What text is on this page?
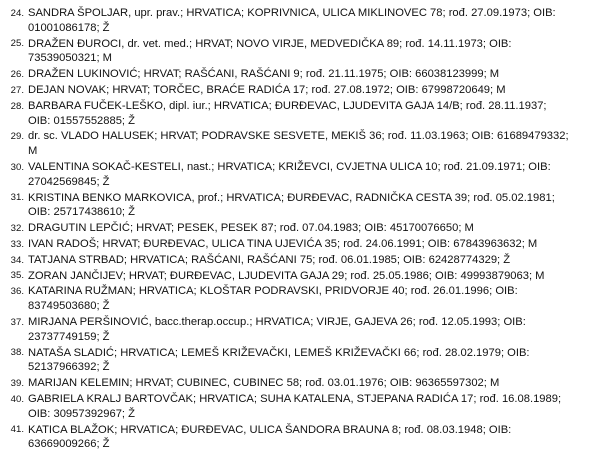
24. SANDRA ŠPOLJAR, upr. prav.; HRVATICA; KOPRIVNICA, ULICA MIKLINOVEC 78; rođ. 27.09.1973; OIB:
01001086178; Ž
25. DRAŽEN ĐUROCI, dr. vet. med.; HRVAT; NOVO VIRJE, MEDVEDIČKA 89; rođ. 14.11.1973; OIB:
73539050321; M
26. DRAŽEN LUKINOVIĆ; HRVAT; RAŠĆANI, RAŠĆANI 9; rođ. 21.11.1975; OIB: 66038123999; M
27. DEJAN NOVAK; HRVAT; TORČEC, BRAĆE RADIĆA 17; rođ. 27.08.1972; OIB: 67998720649; M
28. BARBARA FUČEK-LEŠKO, dipl. iur.; HRVATICA; ĐURĐEVAC, LJUDEVITA GAJA 14/B; rođ. 28.11.1937;
OIB: 01557552885; Ž
29. dr. sc. VLADO HALUSEK; HRVAT; PODRAVSKE SESVETE, MEKIŠ 36; rođ. 11.03.1963; OIB: 61689479332;
M
30. VALENTINA SOKAČ-KESTELI, nast.; HRVATICA; KRIŽEVCI, CVJETNA ULICA 10; rođ. 21.09.1971; OIB:
27042569845; Ž
31. KRISTINA BENKO MARKOVICA, prof.; HRVATICA; ĐURĐEVAC, RADNIČKA CESTA 39; rođ. 05.02.1981;
OIB: 25717438610; Ž
32. DRAGUTIN LEPČIĆ; HRVAT; PESEK, PESEK 87; rođ. 07.04.1983; OIB: 45170076650; M
33. IVAN RADOŠ; HRVAT; ĐURĐEVAC, ULICA TINA UJEVIĆA 35; rođ. 24.06.1991; OIB: 67843963632; M
34. TATJANA STRBAD; HRVATICA; RAŠĆANI, RAŠĆANI 75; rođ. 06.01.1985; OIB: 62428774329; Ž
35. ZORAN JANČIJEV; HRVAT; ĐURĐEVAC, LJUDEVITA GAJA 29; rođ. 25.05.1986; OIB: 49993879063; M
36. KATARINA RUŽMAN; HRVATICA; KLOŠTAR PODRAVSKI, PRIDVORJE 40; rođ. 26.01.1996; OIB:
83749503680; Ž
37. MIRJANA PERŠINOVIĆ, bacc.therap.occup.; HRVATICA; VIRJE, GAJEVA 26; rođ. 12.05.1993; OIB:
23737749159; Ž
38. NATAŠA SLADIĆ; HRVATICA; LEMEŠ KRIŽEVAČKI, LEMEŠ KRIŽEVAČKI 66; rođ. 28.02.1979; OIB:
52137966392; Ž
39. MARIJAN KELEMIN; HRVAT; CUBINEC, CUBINEC 58; rođ. 03.01.1976; OIB: 96365597302; M
40. GABRIELA KRALJ BARTOVČAK; HRVATICA; SUHA KATALENA, STJEPANA RADIĆA 17; rođ. 16.08.1989;
OIB: 30957392967; Ž
41. KATICA BLAŽOK; HRVATICA; ĐURĐEVAC, ULICA ŠANDORA BRAUNA 8; rođ. 08.03.1948; OIB:
63669009266; Ž
